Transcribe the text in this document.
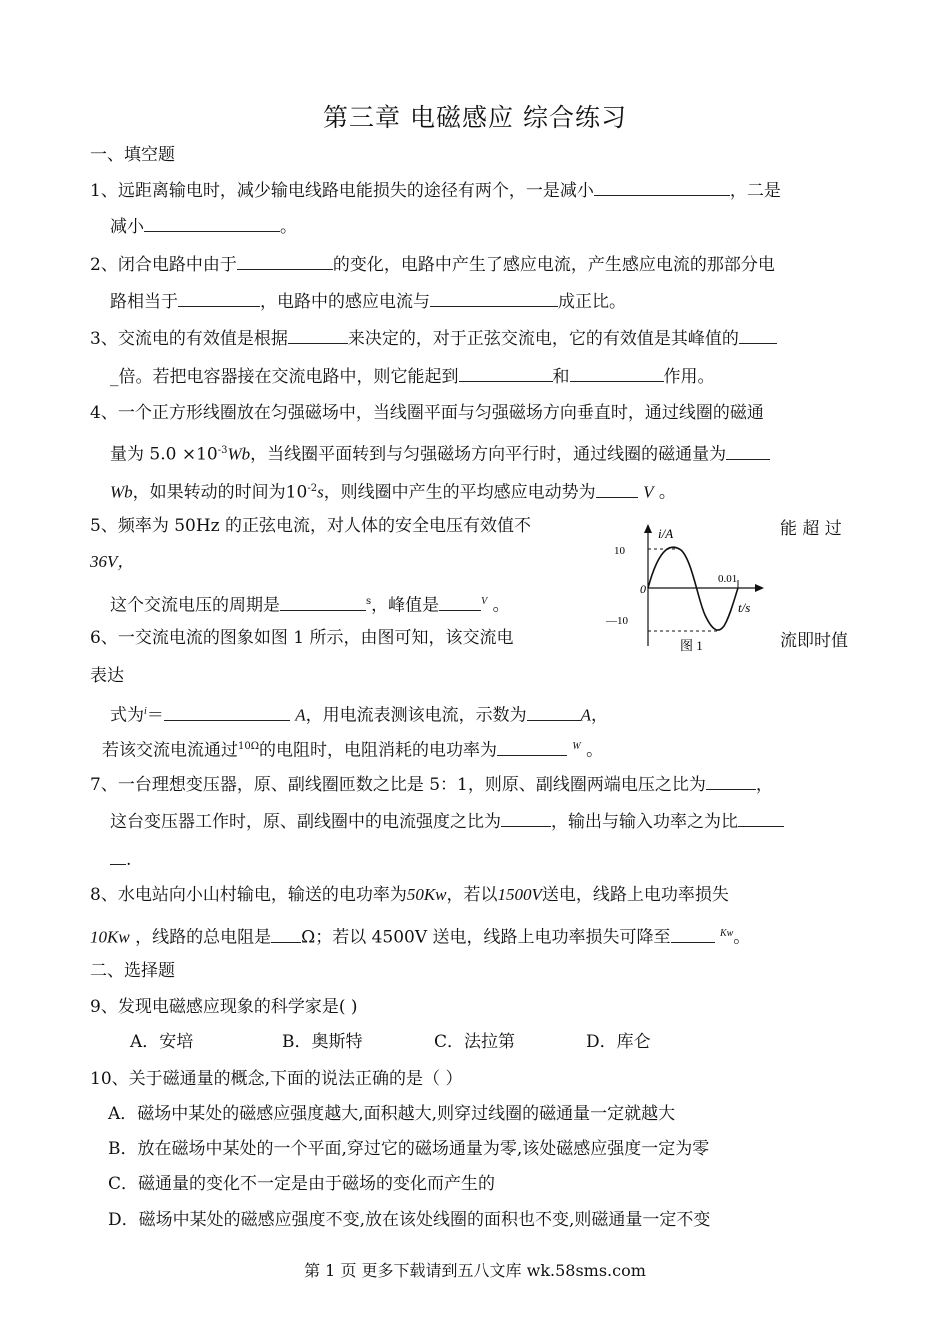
第三章 电磁感应 综合练习
一、填空题
1、远距离输电时，减少输电线路电能损失的途径有两个，一是减小	，二是
减小	。
2、闭合电路中由于	的变化，电路中产生了感应电流，产生感应电流的那部分电
路相当于	，电路中的感应电流与	成正比。
3、交流电的有效值是根据	来决定的，对于正弦交流电，它的有效值是其峰值的
_倍。若把电容器接在交流电路中，则它能起到	和	作用。
4、一个正方形线圈放在匀强磁场中，当线圈平面与匀强磁场方向垂直时，通过线圈的磁通
量为 $5.0 \times 10^{-3}Wb$，当线圈平面转到与匀强磁场方向平行时，通过线圈的磁通量为
Wb，如果转动的时间为$10^{-2}s$，则线圈中产生的平均感应电动势为	V 。
5、频率为 50Hz 的正弦电流，对人体的安全电压有效值不	能 超 过
36V，
这个交流电压的周期是	$^s$，峰值是	$^V$ 。
6、一交流电流的图象如图 1 所示，由图可知，该交流电	流即时值
表达
式为$^i$＝	A，用电流表测该电流，示数为	A，
若该交流电流通过$^{10\Omega}$的电阻时，电阻消耗的电功率为	$^W$ 。
7、一台理想变压器，原、副线圈匝数之比是 5：1，则原、副线圈两端电压之比为	，
这台变压器工作时，原、副线圈中的电流强度之比为	，输出与输入功率之为比
.
8、水电站向小山村输电，输送的电功率为50Kw，若以1500V送电，线路上电功率损失
10Kw ，线路的总电阻是 Ω；若以 4500V 送电，线路上电功率损失可降至	$^{Kw}$。
二、选择题
9、发现电磁感应现象的科学家是( )
A．安培	B．奥斯特	C．法拉第	D．库仑
10、关于磁通量的概念,下面的说法正确的是（ ）
A．磁场中某处的磁感应强度越大,面积越大,则穿过线圈的磁通量一定就越大
B．放在磁场中某处的一个平面,穿过它的磁场通量为零,该处磁感应强度一定为零
C．磁通量的变化不一定是由于磁场的变化而产生的
D．磁场中某处的磁感应强度不变,放在该处线圈的面积也不变,则磁通量一定不变
i/A
10
—10
0
0.01
t/s
图 1
第 1 页 更多下载请到五八文库 wk.58sms.com
